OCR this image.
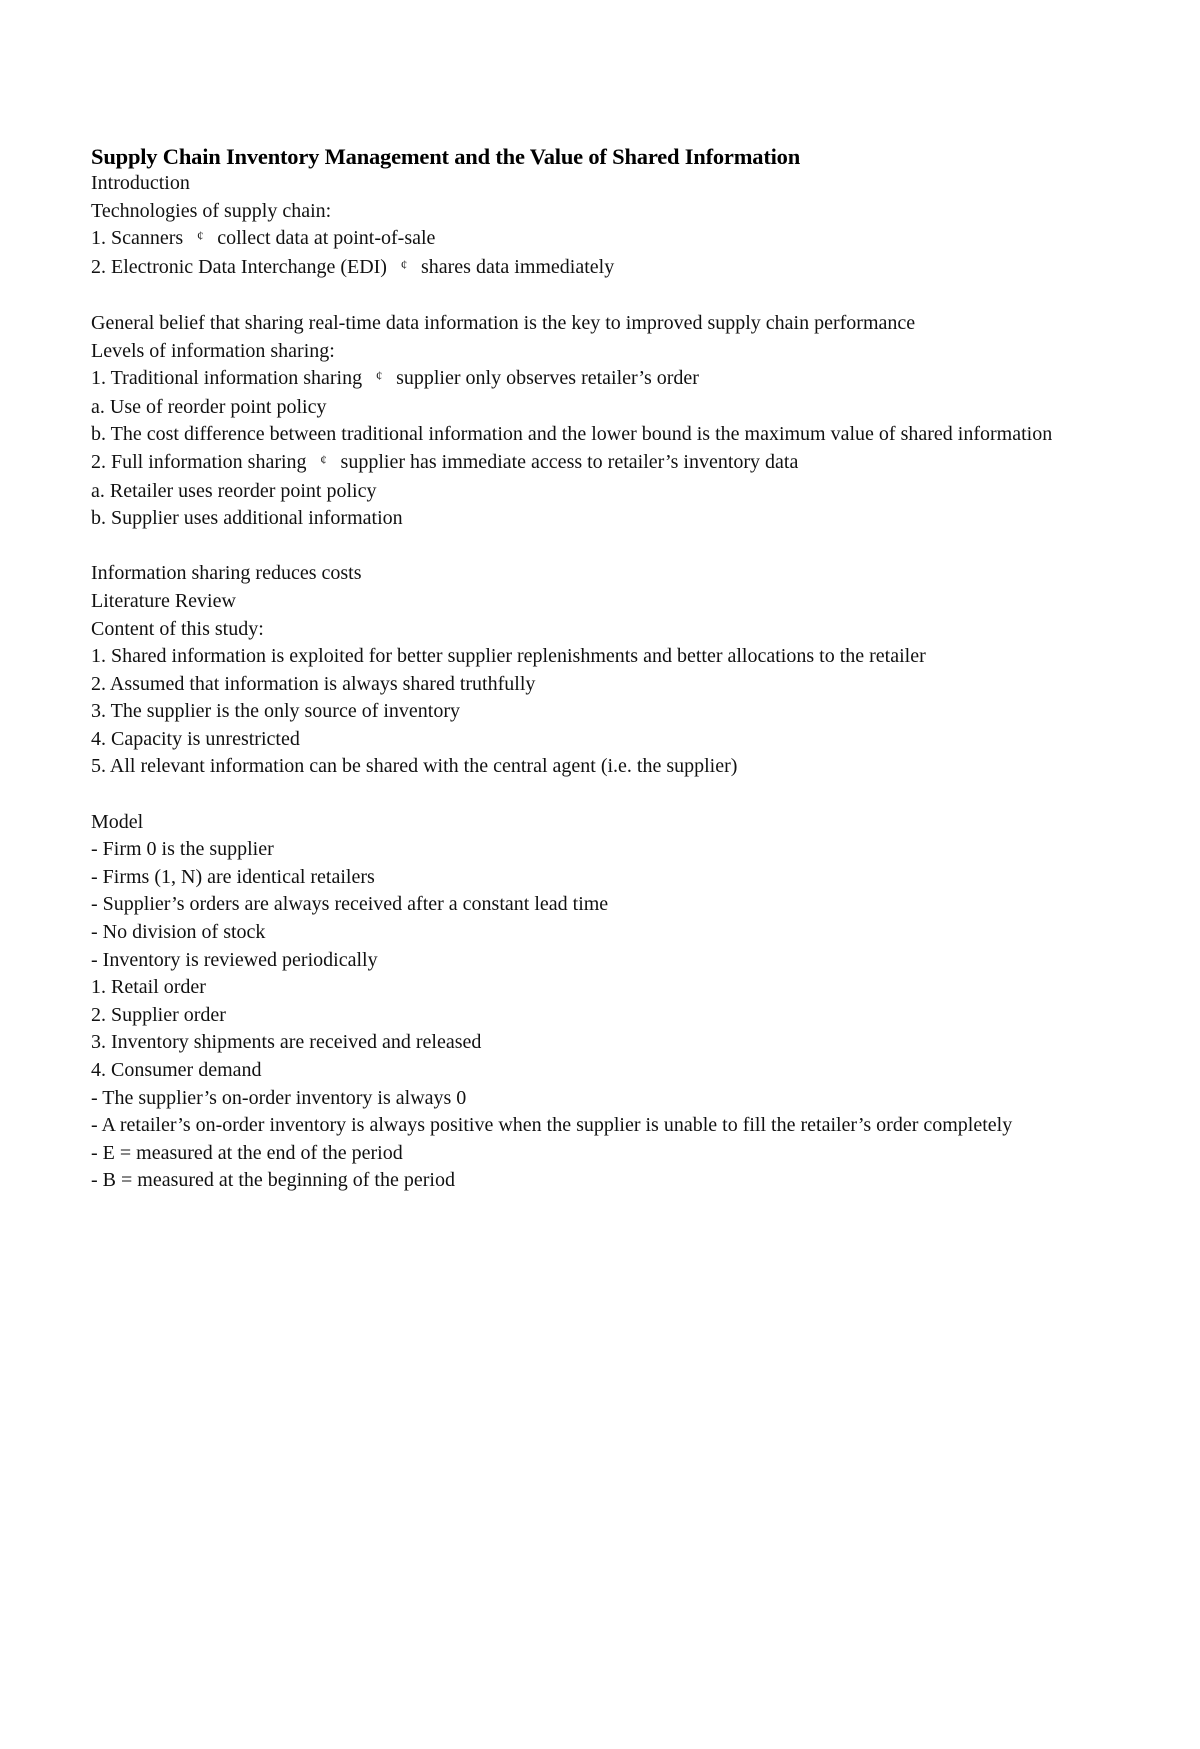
Supply Chain Inventory Management and the Value of Shared Information

Introduction

Technologies of supply chain:

1. Scanners ¢ collect data at point-of-sale

2. Electronic Data Interchange (EDI) ¢ shares data immediately

General belief that sharing real-time data information is the key to improved supply chain performance

Levels of information sharing:

1. Traditional information sharing ¢ supplier only observes retailer’s order

a. Use of reorder point policy

b. The cost difference between traditional information and the lower bound is the maximum value of shared information

2. Full information sharing ¢ supplier has immediate access to retailer’s inventory data

a. Retailer uses reorder point policy

b. Supplier uses additional information

Information sharing reduces costs

Literature Review

Content of this study:

1. Shared information is exploited for better supplier replenishments and better allocations to the retailer

2. Assumed that information is always shared truthfully

3. The supplier is the only source of inventory

4. Capacity is unrestricted

5. All relevant information can be shared with the central agent (i.e. the supplier)

Model

- Firm 0 is the supplier

- Firms (1, N) are identical retailers

- Supplier’s orders are always received after a constant lead time

- No division of stock

- Inventory is reviewed periodically

1. Retail order

2. Supplier order

3. Inventory shipments are received and released

4. Consumer demand

- The supplier’s on-order inventory is always 0

- A retailer’s on-order inventory is always positive when the supplier is unable to fill the retailer’s order completely

- E = measured at the end of the period

- B = measured at the beginning of the period
